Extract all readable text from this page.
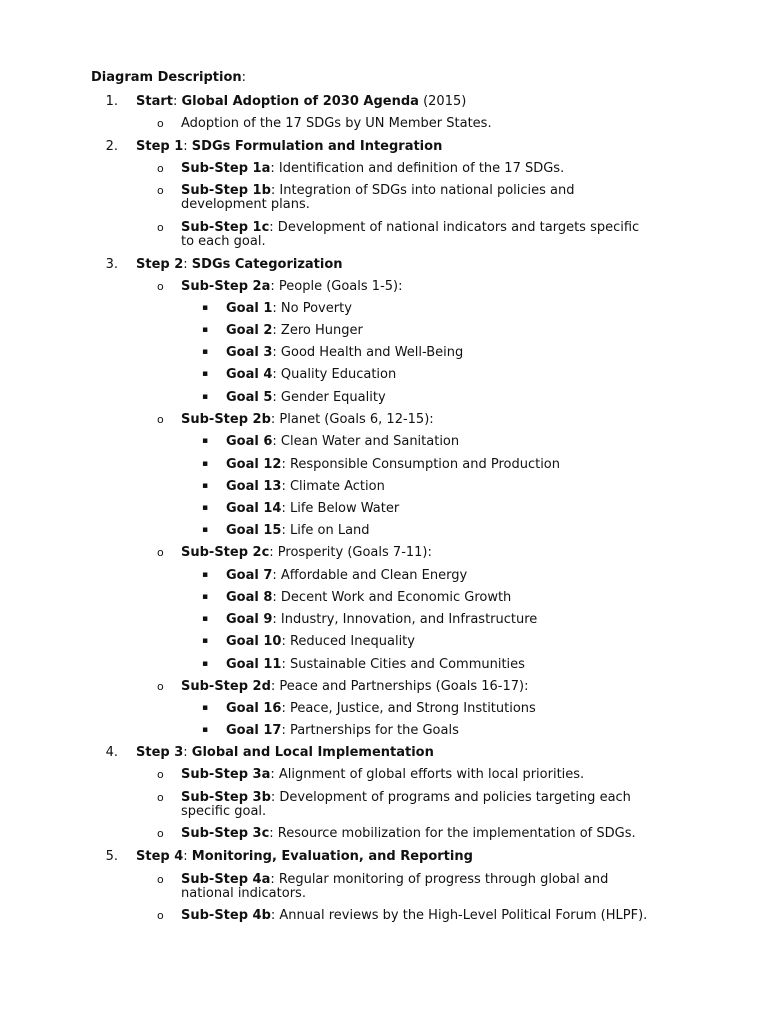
Diagram Description:

1. Start: Global Adoption of 2030 Agenda (2015)
o Adoption of the 17 SDGs by UN Member States.
2. Step 1: SDGs Formulation and Integration
o Sub-Step 1a: Identification and definition of the 17 SDGs.
o Sub-Step 1b: Integration of SDGs into national policies and
development plans.
o Sub-Step 1c: Development of national indicators and targets specific
to each goal.
3. Step 2: SDGs Categorization
o Sub-Step 2a: People (Goals 1-5):
▪ Goal 1: No Poverty
▪ Goal 2: Zero Hunger
▪ Goal 3: Good Health and Well-Being
▪ Goal 4: Quality Education
▪ Goal 5: Gender Equality
o Sub-Step 2b: Planet (Goals 6, 12-15):
▪ Goal 6: Clean Water and Sanitation
▪ Goal 12: Responsible Consumption and Production
▪ Goal 13: Climate Action
▪ Goal 14: Life Below Water
▪ Goal 15: Life on Land
o Sub-Step 2c: Prosperity (Goals 7-11):
▪ Goal 7: Affordable and Clean Energy
▪ Goal 8: Decent Work and Economic Growth
▪ Goal 9: Industry, Innovation, and Infrastructure
▪ Goal 10: Reduced Inequality
▪ Goal 11: Sustainable Cities and Communities
o Sub-Step 2d: Peace and Partnerships (Goals 16-17):
▪ Goal 16: Peace, Justice, and Strong Institutions
▪ Goal 17: Partnerships for the Goals
4. Step 3: Global and Local Implementation
o Sub-Step 3a: Alignment of global efforts with local priorities.
o Sub-Step 3b: Development of programs and policies targeting each
specific goal.
o Sub-Step 3c: Resource mobilization for the implementation of SDGs.
5. Step 4: Monitoring, Evaluation, and Reporting
o Sub-Step 4a: Regular monitoring of progress through global and
national indicators.
o Sub-Step 4b: Annual reviews by the High-Level Political Forum (HLPF).
